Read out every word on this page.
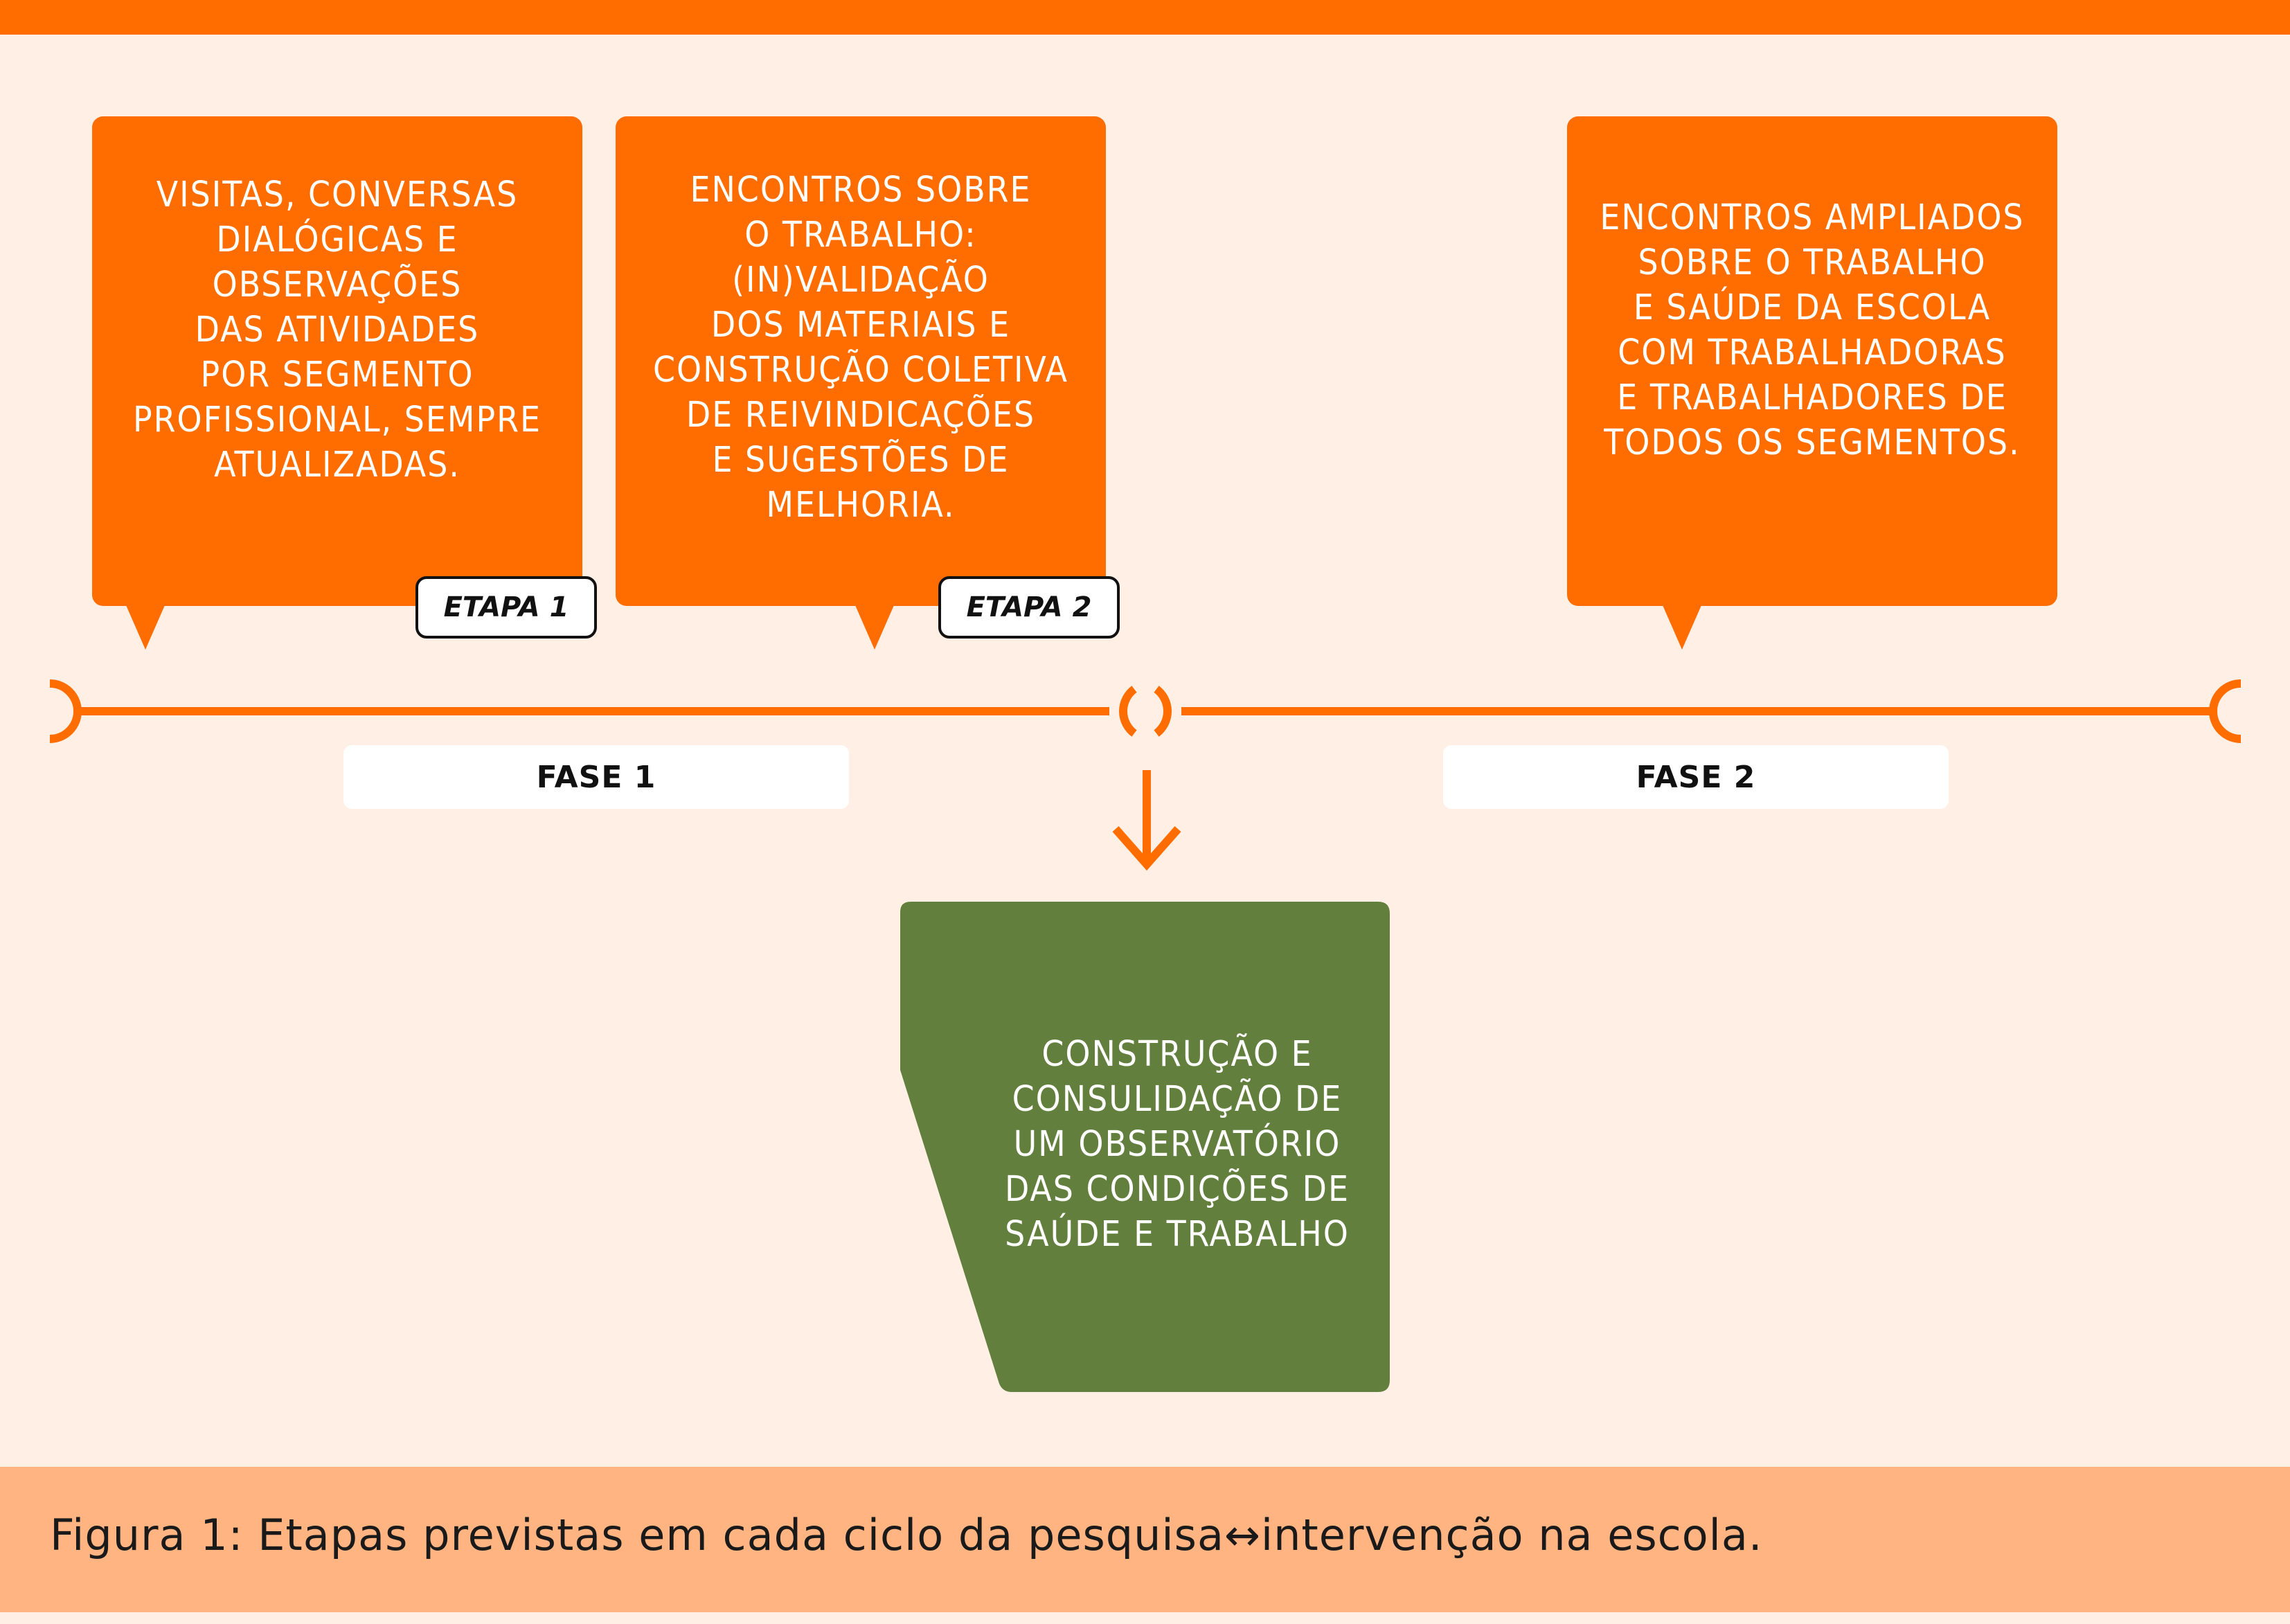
VISITAS, CONVERSAS
DIALÓGICAS E
OBSERVAÇÕES
DAS ATIVIDADES
POR SEGMENTO
PROFISSIONAL, SEMPRE
ATUALIZADAS.
ENCONTROS SOBRE
O TRABALHO:
(IN)VALIDAÇÃO
DOS MATERIAIS E
CONSTRUÇÃO COLETIVA
DE REIVINDICAÇÕES
E SUGESTÕES DE
MELHORIA.
ENCONTROS AMPLIADOS
SOBRE O TRABALHO
E SAÚDE DA ESCOLA
COM TRABALHADORAS
E TRABALHADORES DE
TODOS OS SEGMENTOS.
ETAPA 1	ETAPA 2
FASE 1	FASE 2
CONSTRUÇÃO E
CONSULIDAÇÃO DE
UM OBSERVATÓRIO
DAS CONDIÇÕES DE
SAÚDE E TRABALHO
Figura 1: Etapas previstas em cada ciclo da pesquisa↔intervenção na escola.
